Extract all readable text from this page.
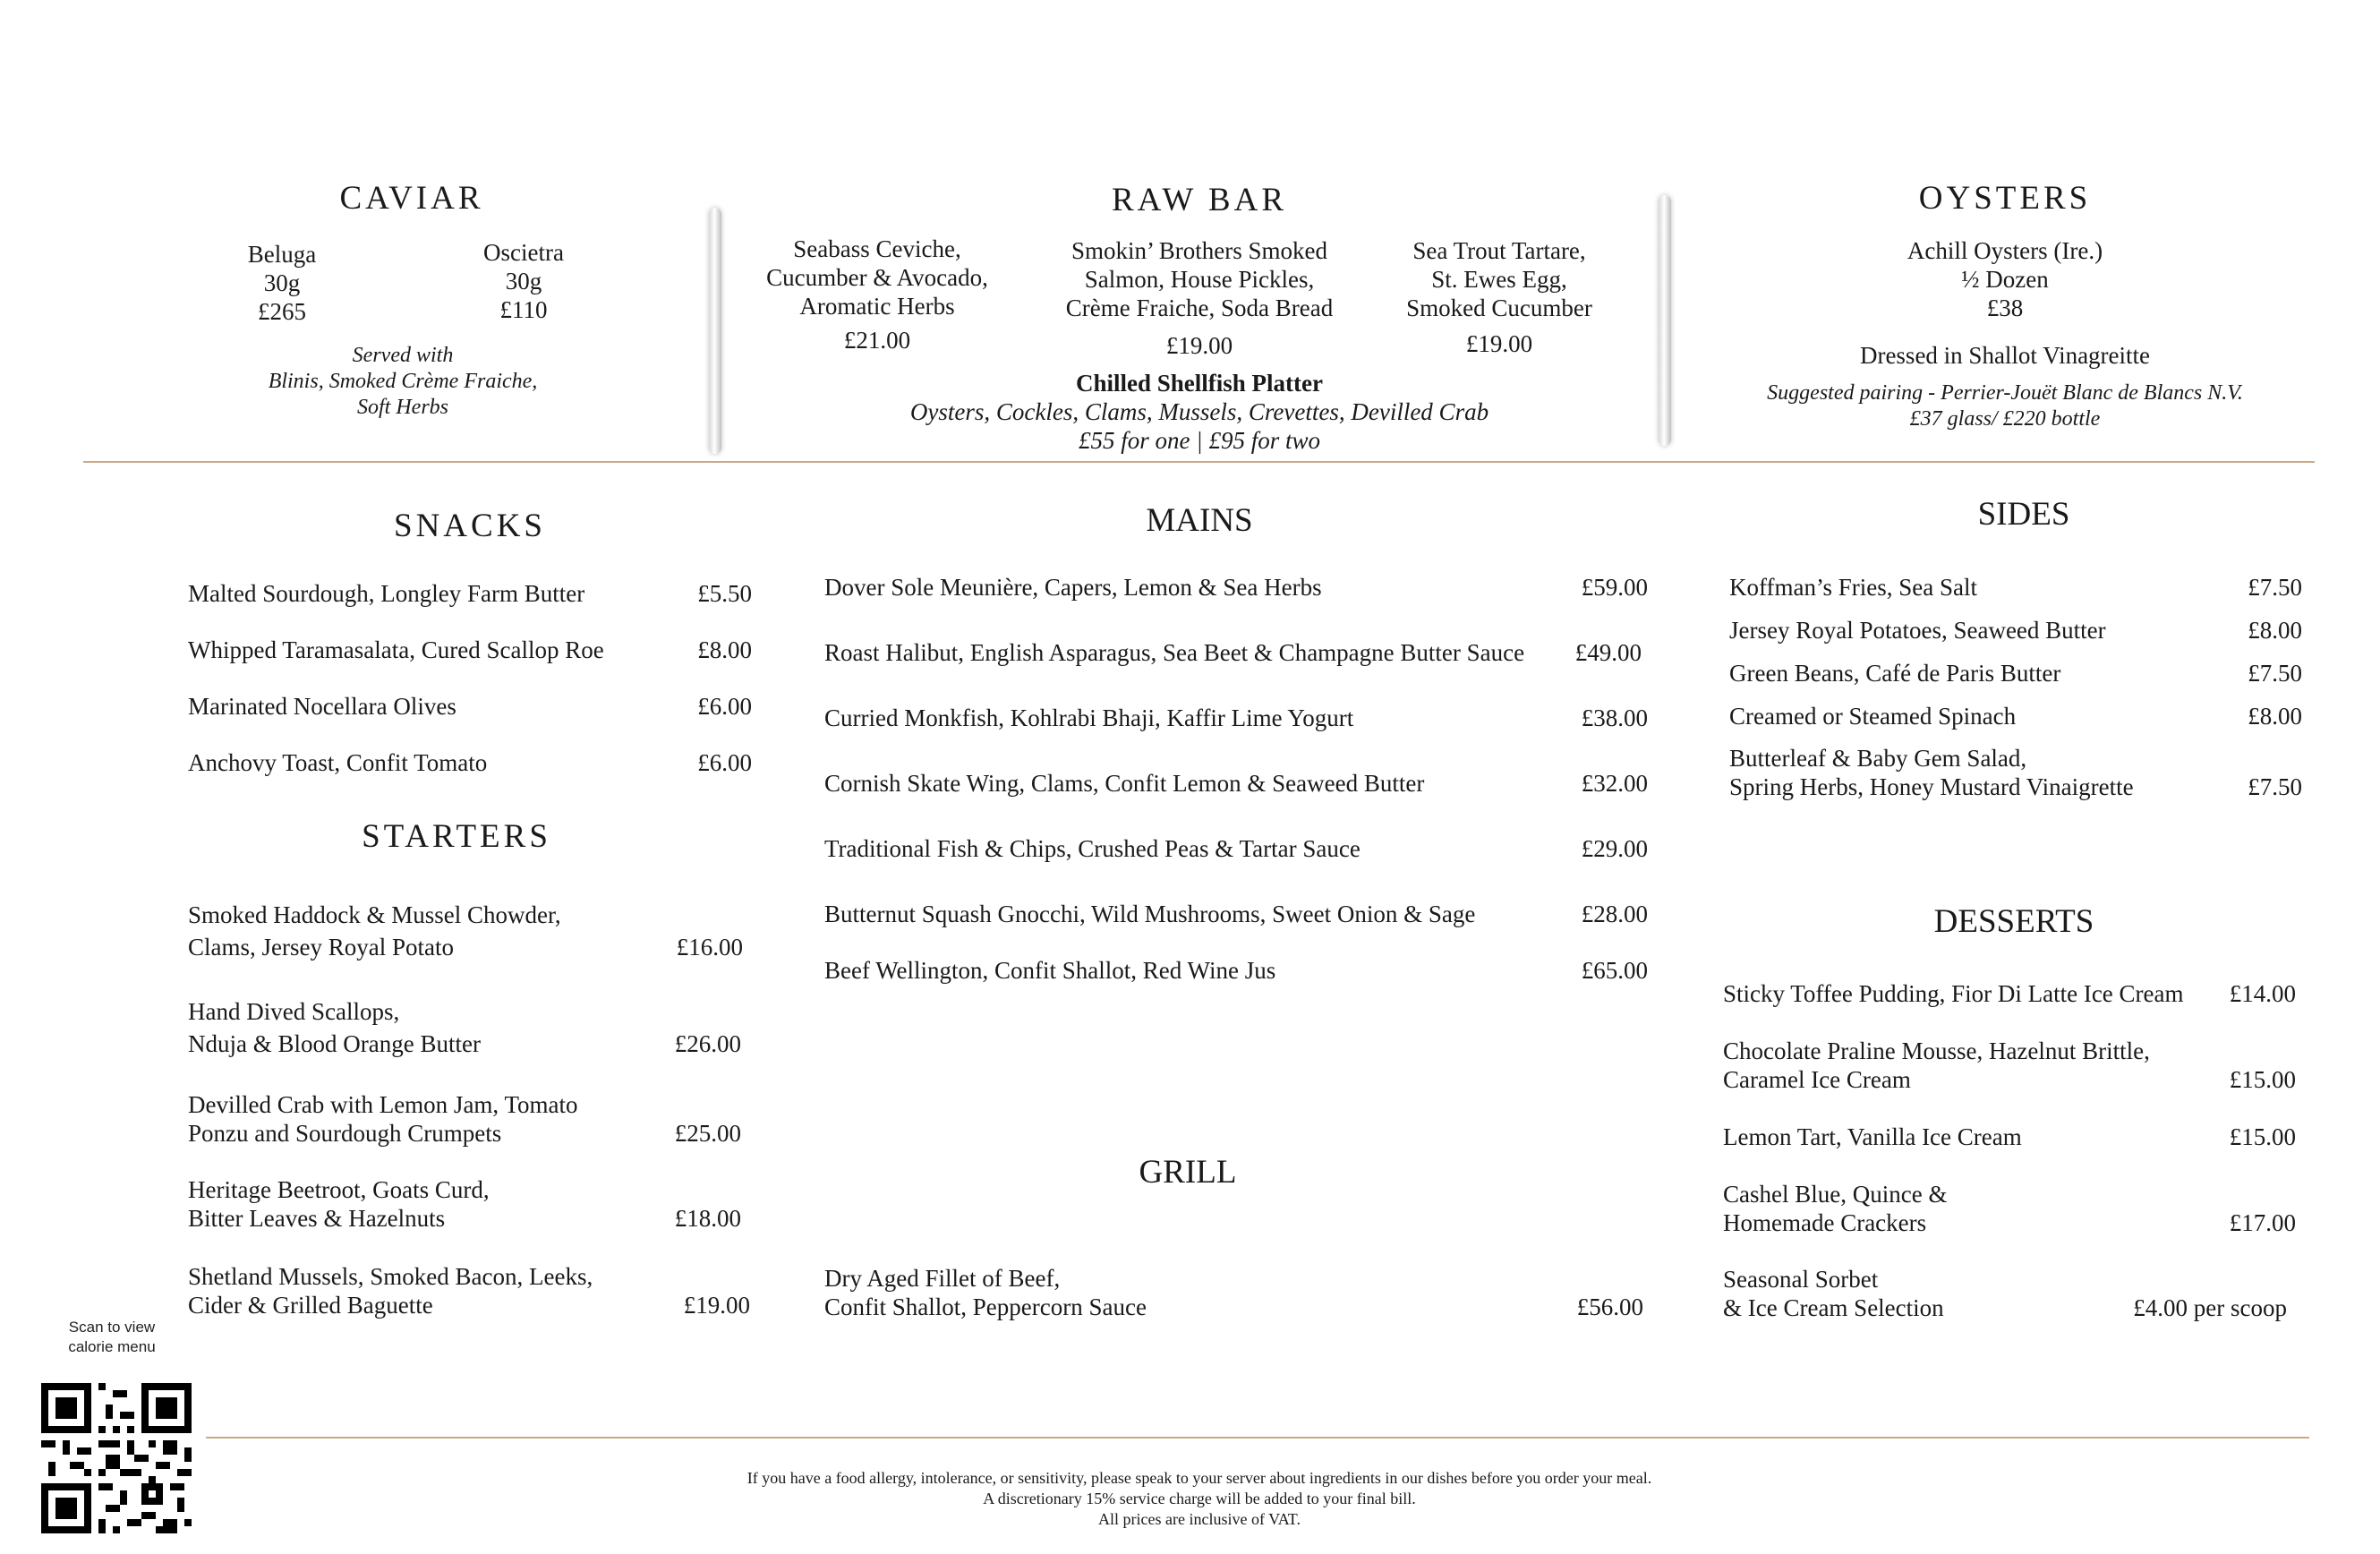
CAVIAR
Beluga
30g
£265
Oscietra
30g
£110
Served with
Blinis, Smoked Crème Fraiche,
Soft Herbs
RAW BAR
Seabass Ceviche,
Cucumber & Avocado,
Aromatic Herbs
£21.00
Smokin’ Brothers Smoked
Salmon, House Pickles,
Crème Fraiche, Soda Bread
£19.00
Sea Trout Tartare,
St. Ewes Egg,
Smoked Cucumber
£19.00
Chilled Shellfish Platter
Oysters, Cockles, Clams, Mussels, Crevettes, Devilled Crab
£55 for one | £95 for two
OYSTERS
Achill Oysters (Ire.)
½ Dozen
£38
Dressed in Shallot Vinagreitte
Suggested pairing - Perrier-Jouët Blanc de Blancs N.V.
£37 glass/ £220 bottle
SNACKS
Malted Sourdough, Longley Farm Butter	£5.50
Whipped Taramasalata, Cured Scallop Roe	£8.00
Marinated Nocellara Olives	£6.00
Anchovy Toast, Confit Tomato	£6.00
STARTERS
Smoked Haddock & Mussel Chowder,
Clams, Jersey Royal Potato	£16.00
Hand Dived Scallops,
Nduja & Blood Orange Butter	£26.00
Devilled Crab with Lemon Jam, Tomato
Ponzu and Sourdough Crumpets	£25.00
Heritage Beetroot, Goats Curd,
Bitter Leaves & Hazelnuts	£18.00
Shetland Mussels, Smoked Bacon, Leeks,
Cider & Grilled Baguette	£19.00
MAINS
Dover Sole Meunière, Capers, Lemon & Sea Herbs	£59.00
Roast Halibut, English Asparagus, Sea Beet & Champagne Butter Sauce £49.00
Curried Monkfish, Kohlrabi Bhaji, Kaffir Lime Yogurt	£38.00
Cornish Skate Wing, Clams, Confit Lemon & Seaweed Butter	£32.00
Traditional Fish & Chips, Crushed Peas & Tartar Sauce	£29.00
Butternut Squash Gnocchi, Wild Mushrooms, Sweet Onion & Sage	£28.00
Beef Wellington, Confit Shallot, Red Wine Jus	£65.00
GRILL
Dry Aged Fillet of Beef,
Confit Shallot, Peppercorn Sauce	£56.00
SIDES
Koffman’s Fries, Sea Salt	£7.50
Jersey Royal Potatoes, Seaweed Butter	£8.00
Green Beans, Café de Paris Butter	£7.50
Creamed or Steamed Spinach	£8.00
Butterleaf & Baby Gem Salad,
Spring Herbs, Honey Mustard Vinaigrette	£7.50
DESSERTS
Sticky Toffee Pudding, Fior Di Latte Ice Cream £14.00
Chocolate Praline Mousse, Hazelnut Brittle,
Caramel Ice Cream	£15.00
Lemon Tart, Vanilla Ice Cream	£15.00
Cashel Blue, Quince &
Homemade Crackers	£17.00
Seasonal Sorbet
& Ice Cream Selection	£4.00 per scoop
Scan to view
calorie menu
If you have a food allergy, intolerance, or sensitivity, please speak to your server about ingredients in our dishes before you order your meal.
A discretionary 15% service charge will be added to your final bill.
All prices are inclusive of VAT.
